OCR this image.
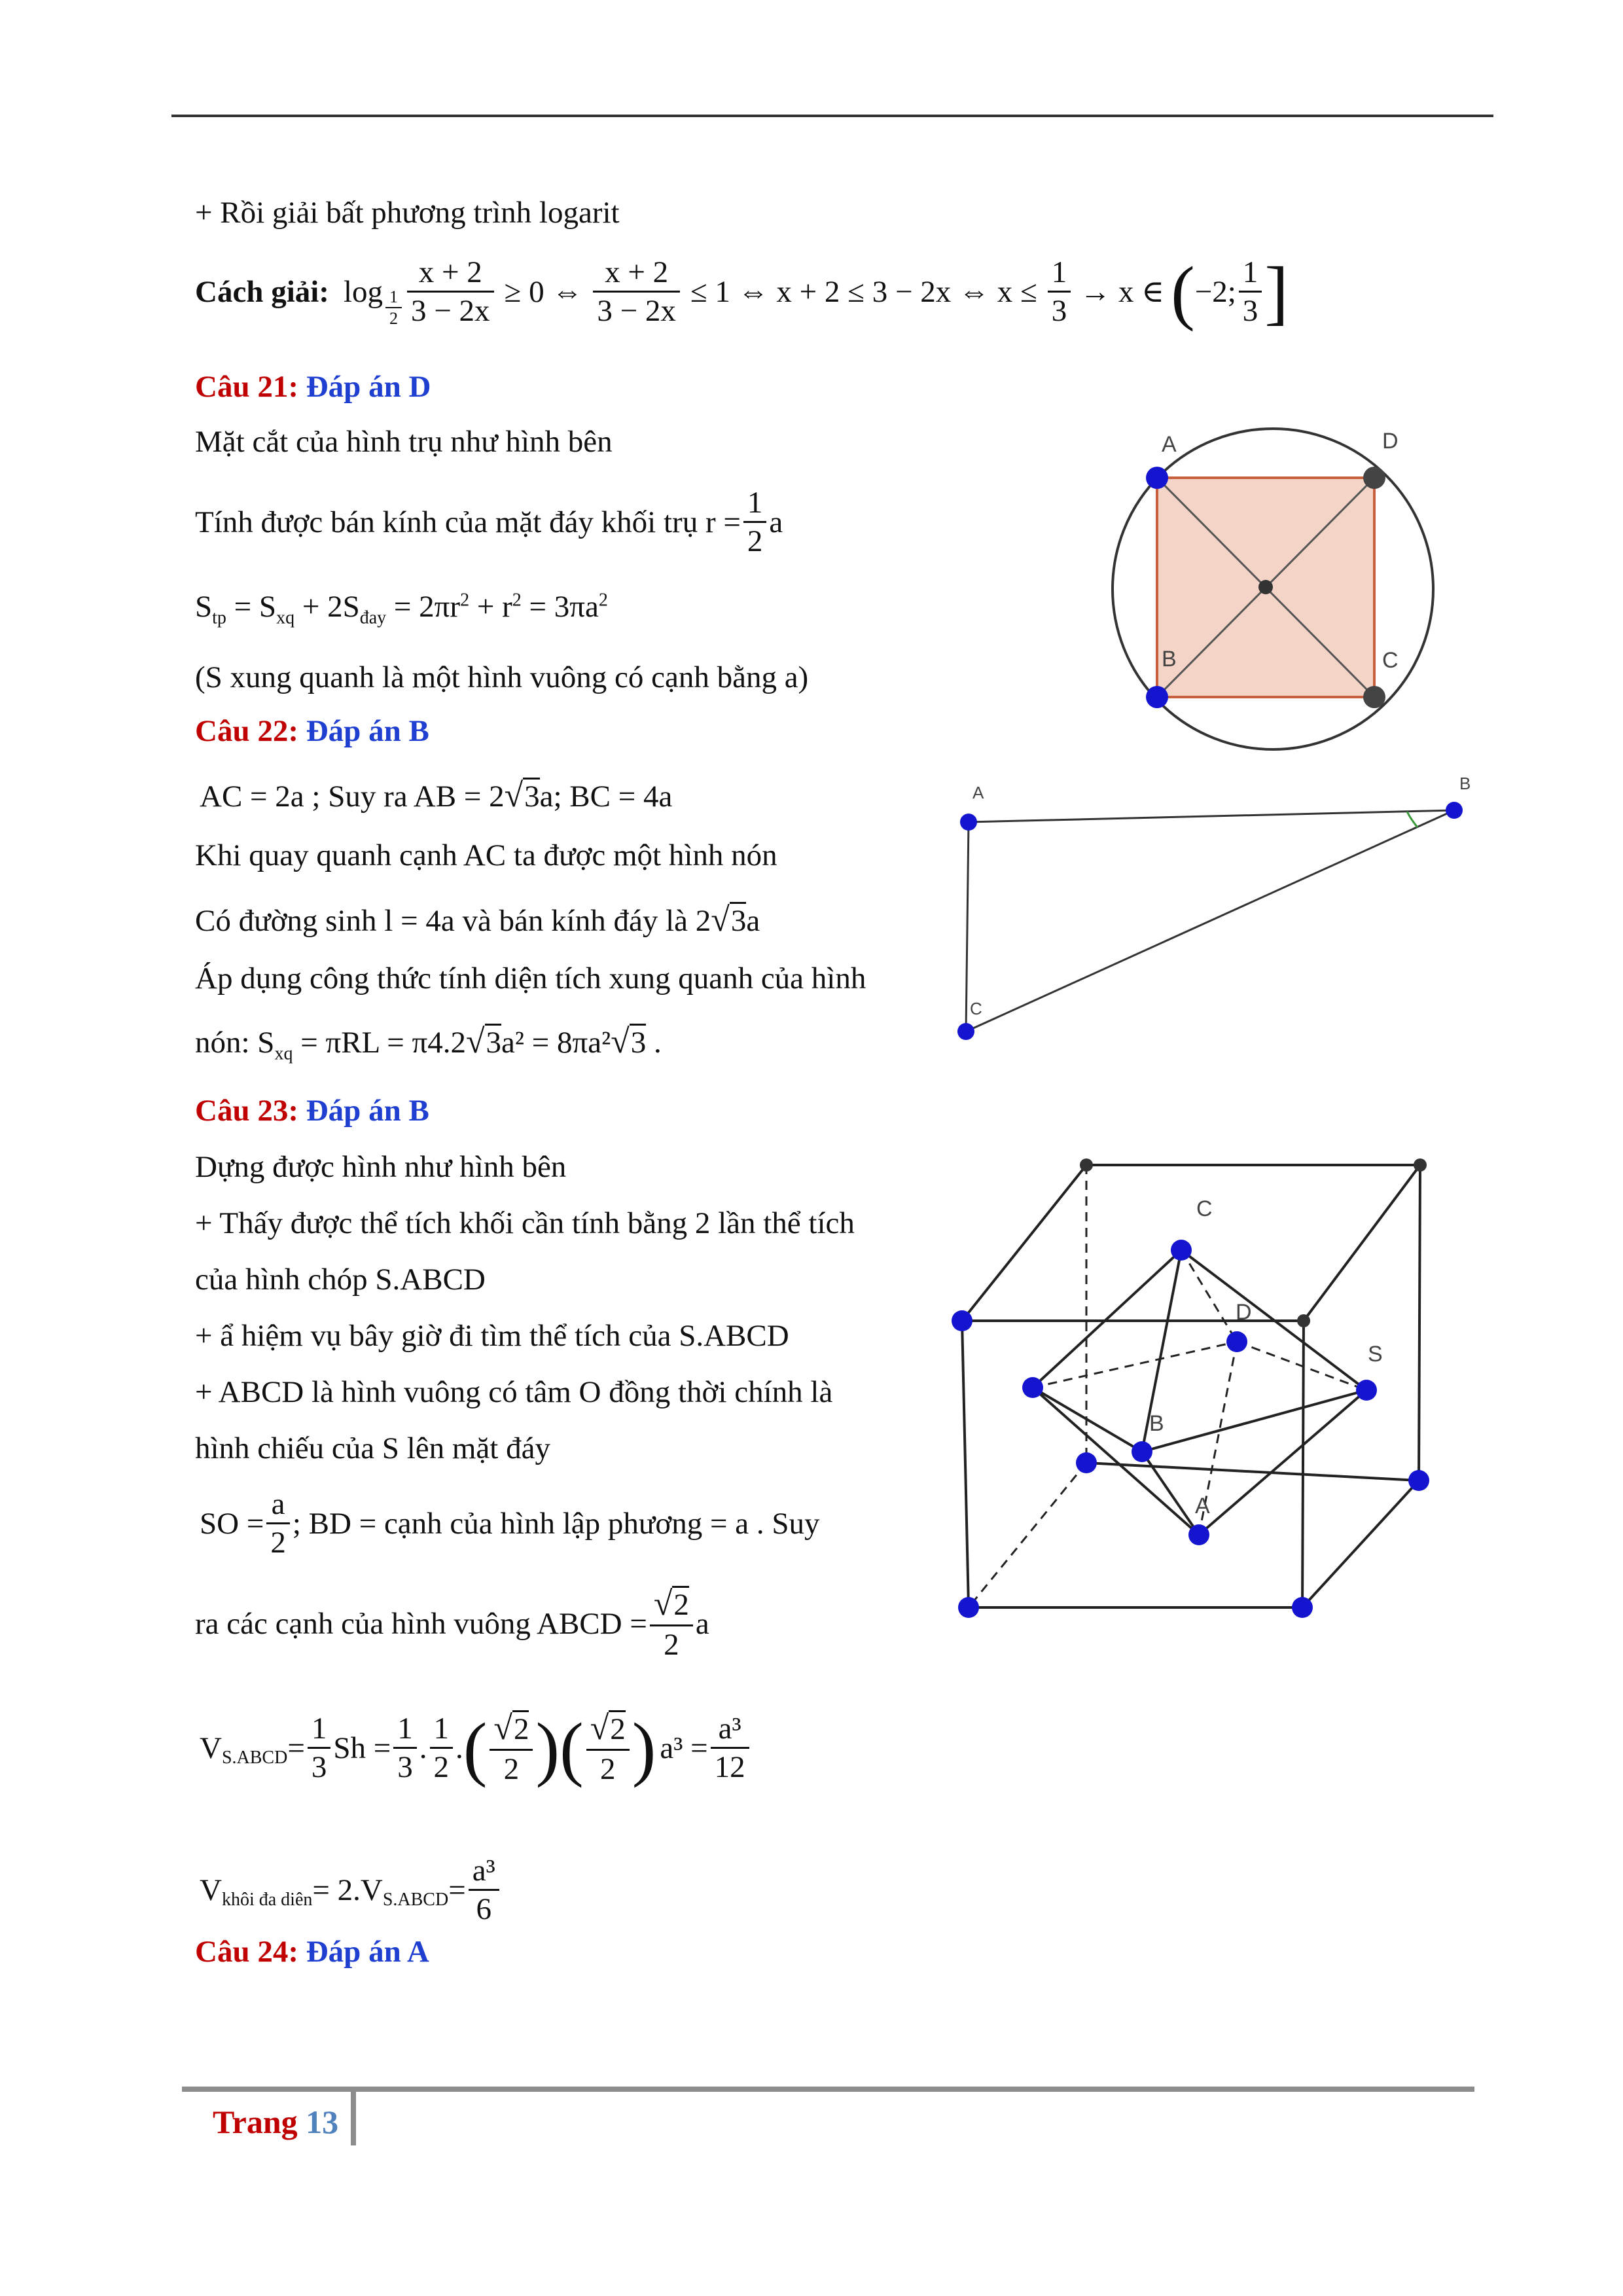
+ Rồi giải bất phương trình logarit
Cách giải: $\log \frac{1}{2} \frac{x + 2}{3 - 2x} \ge 0$ ⇔ $\frac{x + 2}{3 - 2x} \le 1$ ⇔ x + 2 ≤ 3 − 2x ⇔ $x \le \frac{1}{3} \to x$ ∈ ( −2; $\frac{1}{3}$ ]
Câu 21: Đáp án D
Mặt cắt của hình trụ như hình bên
Tính được bán kính của mặt đáy khối trụ $r = \frac{1}{2}$ a
$S_{tp} = S_{xq} + 2S_{đay} = 2\pi r^2 + r^2 = 3\pi a^2$
(S xung quanh là một hình vuông có cạnh bằng a)
A	D
B	C
Câu 22: Đáp án B
AC = 2a ; Suy ra AB = 2√3a; BC = 4a
Khi quay quanh cạnh AC ta được một hình nón
Có đường sinh l = 4a và bán kính đáy là 2√3a
Áp dụng công thức tính diện tích xung quanh của hình
nón: $S_{xq} = \pi RL = \pi 4.2√3a^2 = 8\pi a^2√3$ .
A	B
C
Câu 23: Đáp án B
Dựng được hình như hình bên
+ Thấy được thể tích khối cần tính bằng 2 lần thể tích
của hình chóp S.ABCD
+ ẩ hiệm vụ bây giờ đi tìm thể tích của S.ABCD
+ ABCD là hình vuông có tâm O đồng thời chính là
hình chiếu của S lên mặt đáy
SO = $\frac{a}{2}$ ; BD = cạnh của hình lập phương = a . Suy
ra các cạnh của hình vuông ABCD = $\frac{√2}{2}$ a
$V_{S.ABCD} = \frac{1}{3}$ $Sh = \frac{1}{3}$ . $\frac{1}{2}$ . ( $\frac{√2}{2}$ )( $\frac{√2}{2}$ ) $a^3 = \frac{\text{a³}}{12}$
$V_{khôi đa diên} = 2.V_{S.ABCD} = \frac{\text{a³}}{6}$
C
D
S
B
A
Câu 24: Đáp án A
Trang 13
